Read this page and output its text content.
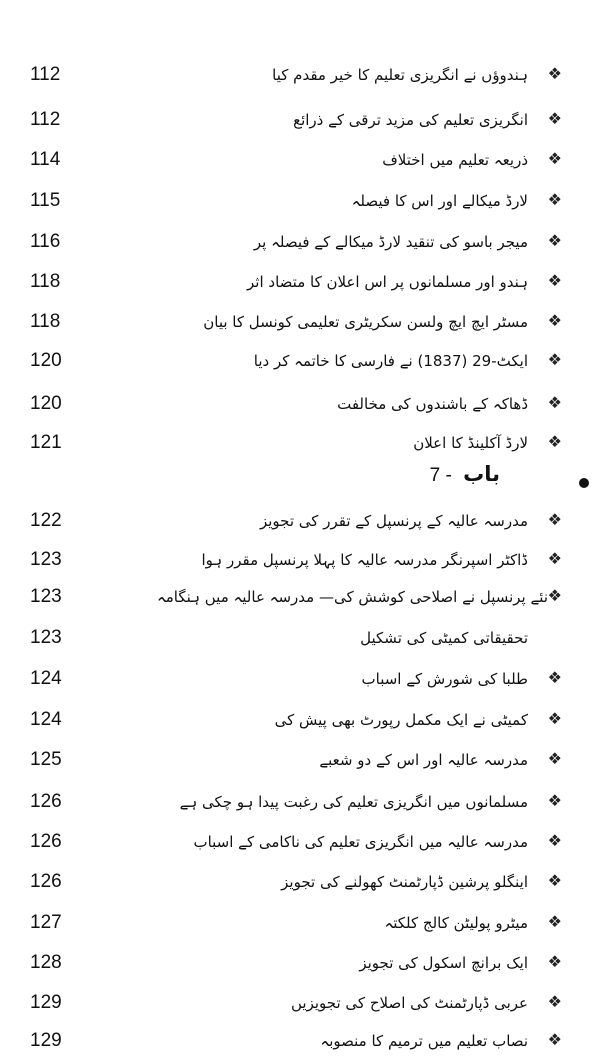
112	ہندوؤں نے انگریزی تعلیم کا خیر مقدم کیا ❖
112	انگریزی تعلیم کی مزید ترقی کے ذرائع ❖
114	ذریعہ تعلیم میں اختلاف ❖
115	لارڈ میکالے اور اس کا فیصلہ ❖
116	میجر باسو کی تنقید لارڈ میکالے کے فیصلہ پر ❖
118	ہندو اور مسلمانوں پر اس اعلان کا متضاد اثر ❖
118	مسٹر ایچ ایچ ولسن سکریٹری تعلیمی کونسل کا بیان ❖
120	ایکٹ-29 (1837) نے فارسی کا خاتمہ کر دیا ❖
120	ڈھاکہ کے باشندوں کی مخالفت ❖
121	لارڈ آکلینڈ کا اعلان ❖
باب - 7
122	مدرسہ عالیہ کے پرنسپل کے تقرر کی تجویز ❖
123	ڈاکٹر اسپرنگر مدرسہ عالیہ کا پہلا پرنسپل مقرر ہوا ❖
123	نئے پرنسپل نے اصلاحی کوشش کی— مدرسہ عالیہ میں ہنگامہ ❖
123	تحقیقاتی کمیٹی کی تشکیل
124	طلبا کی شورش کے اسباب ❖
124	کمیٹی نے ایک مکمل رپورٹ بھی پیش کی ❖
125	مدرسہ عالیہ اور اس کے دو شعبے ❖
126	مسلمانوں میں انگریزی تعلیم کی رغبت پیدا ہو چکی ہے ❖
126	مدرسہ عالیہ میں انگریزی تعلیم کی ناکامی کے اسباب ❖
126	اینگلو پرشین ڈپارٹمنٹ کھولنے کی تجویز ❖
127	میٹرو پولیٹن کالج کلکتہ ❖
128	ایک برانچ اسکول کی تجویز ❖
129	عربی ڈپارٹمنٹ کی اصلاح کی تجویزیں ❖
129	نصاب تعلیم میں ترمیم کا منصوبہ ❖
